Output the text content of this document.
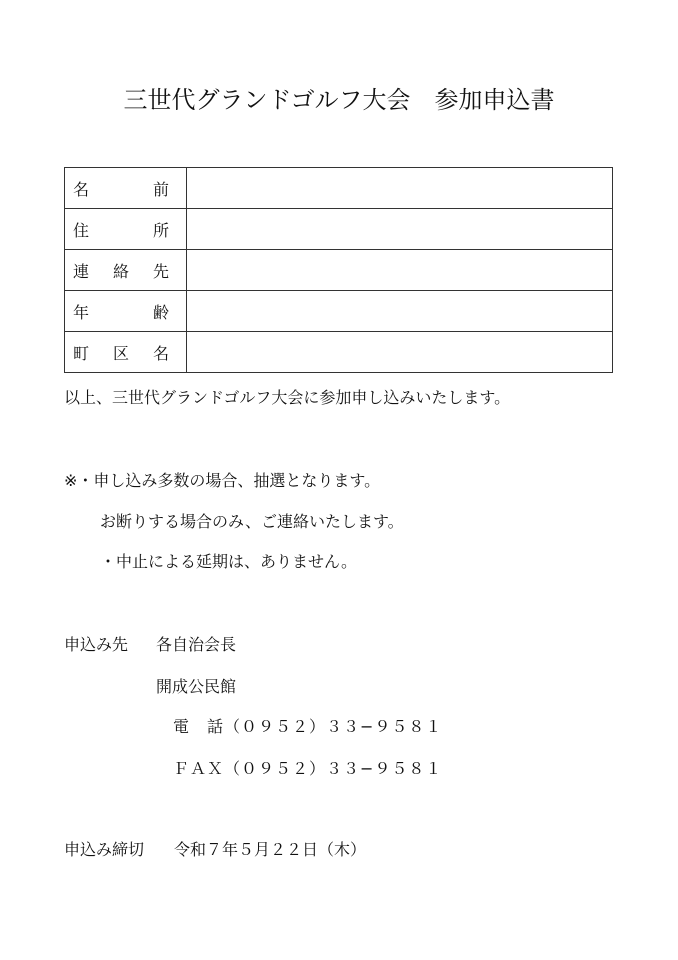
三世代グランドゴルフ大会　参加申込書
名 前	

住 所	

連 絡 先	

年 齢	

町 区 名	

以上、三世代グランドゴルフ大会に参加申し込みいたします。
※・申し込み多数の場合、抽選となります。
お断りする場合のみ、ご連絡いたします。
・中止による延期は、ありません。
申込み先 各自治会長
開成公民館
電　話（０９５２）３３−９５８１
ＦＡＸ（０９５２）３３−９５８１
申込み締切 令和７年５月２２日（木）
